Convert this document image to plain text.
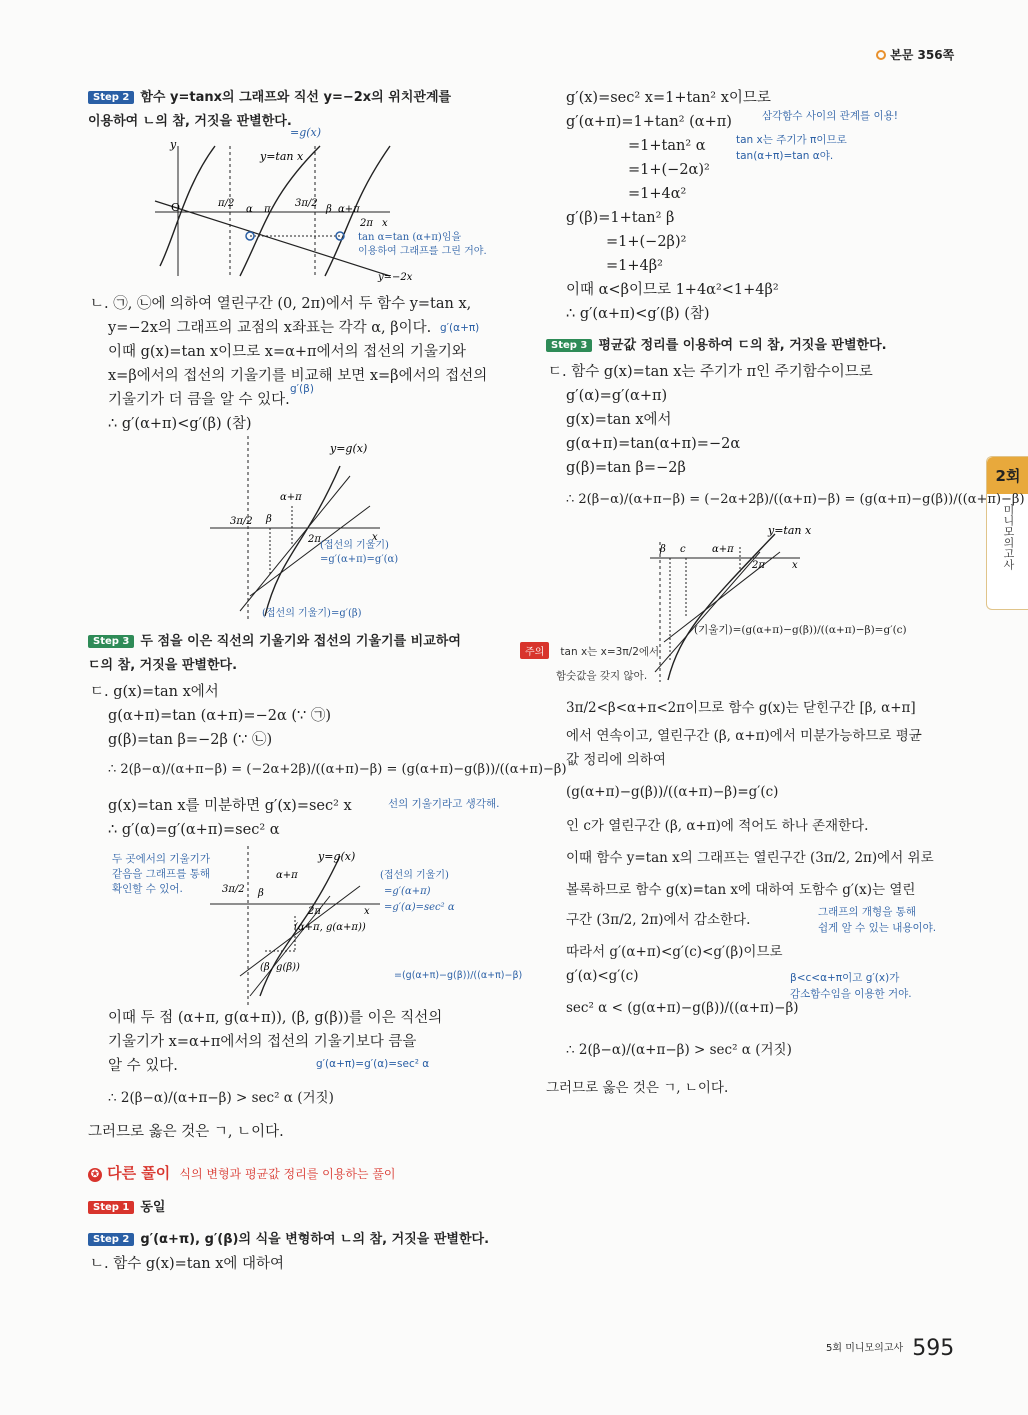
본문 356쪽
2회
미니모의고사
Step 2 함수 y=tanx의 그래프와 직선 y=−2x의 위치관계를
이용하여 ㄴ의 참, 거짓을 판별한다.
O
y
π/2
α π
3π/2
β α+π
2π x
y=tan x
=g(x)
tan α=tan (α+π)임을
이용하여 그래프를 그린 거야.
y=−2x
ㄴ. ㉠, ㉡에 의하여 열린구간 (0, 2π)에서 두 함수 y=tan x,
y=−2x의 그래프의 교점의 x좌표는 각각 α, β이다. g′(α+π)
이때 g(x)=tan x이므로 x=α+π에서의 접선의 기울기와
x=β에서의 접선의 기울기를 비교해 보면 x=β에서의 접선의
기울기가 더 큼을 알 수 있다.
g′(β)
∴ g′(α+π)<g′(β) (참)
y=g(x)
α+π
3π/2 β
2π	x
(접선의 기울기)
=g′(α+π)=g′(α)
(접선의 기울기)=g′(β)
Step 3 두 점을 이은 직선의 기울기와 접선의 기울기를 비교하여
ㄷ의 참, 거짓을 판별한다.
ㄷ. g(x)=tan x에서
g(α+π)=tan (α+π)=−2α (∵ ㉠)
g(β)=tan β=−2β (∵ ㉡)
∴ 2(β−α)/(α+π−β) = (−2α+2β)/((α+π)−β) = (g(α+π)−g(β))/((α+π)−β)
g(x)=tan x를 미분하면 g′(x)=sec² x	선의 기울기라고 생각해.
∴ g′(α)=g′(α+π)=sec² α
두 곳에서의 기울기가
같음을 그래프를 통해
확인할 수 있어.
y=g(x)
α+π
3π/2 β
2π	x
(α+π, g(α+π))
(β, g(β))
(접선의 기울기)
=g′(α+π)
=g′(α)=sec² α
=(g(α+π)−g(β))/((α+π)−β)
이때 두 점 (α+π, g(α+π)), (β, g(β))를 이은 직선의
기울기가 x=α+π에서의 접선의 기울기보다 큼을
알 수 있다.	g′(α+π)=g′(α)=sec² α
∴ 2(β−α)/(α+π−β) > sec² α (거짓)
그러므로 옳은 것은 ㄱ, ㄴ이다.
✪ 다른 풀이 식의 변형과 평균값 정리를 이용하는 풀이
Step 1 동일
Step 2 g′(α+π), g′(β)의 식을 변형하여 ㄴ의 참, 거짓을 판별한다.
ㄴ. 함수 g(x)=tan x에 대하여
g′(x)=sec² x=1+tan² x이므로
g′(α+π)=1+tan² (α+π)	삼각함수 사이의 관계를 이용!
=1+tan² α	tan x는 주기가 π이므로
tan(α+π)=tan α야.
=1+(−2α)²
=1+4α²
g′(β)=1+tan² β
=1+(−2β)²
=1+4β²
이때 α<β이므로 1+4α²<1+4β²
∴ g′(α+π)<g′(β) (참)
Step 3 평균값 정리를 이용하여 ㄷ의 참, 거짓을 판별한다.
ㄷ. 함수 g(x)=tan x는 주기가 π인 주기함수이므로
g′(α)=g′(α+π)
g(x)=tan x에서
g(α+π)=tan(α+π)=−2α
g(β)=tan β=−2β
∴ 2(β−α)/(α+π−β) = (−2α+2β)/((α+π)−β) = (g(α+π)−g(β))/((α+π)−β)
y=tan x
β c	α+π
2π	x
(기울기)=(g(α+π)−g(β))/((α+π)−β)=g′(c)
주의 tan x는 x=3π/2에서
함숫값을 갖지 않아.
3π/2<β<α+π<2π이므로 함수 g(x)는 닫힌구간 [β, α+π]
에서 연속이고, 열린구간 (β, α+π)에서 미분가능하므로 평균
값 정리에 의하여
(g(α+π)−g(β))/((α+π)−β)=g′(c)
인 c가 열린구간 (β, α+π)에 적어도 하나 존재한다.
이때 함수 y=tan x의 그래프는 열린구간 (3π/2, 2π)에서 위로
볼록하므로 함수 g(x)=tan x에 대하여 도함수 g′(x)는 열린
구간 (3π/2, 2π)에서 감소한다.	그래프의 개형을 통해
쉽게 알 수 있는 내용이야.
따라서 g′(α+π)<g′(c)<g′(β)이므로
g′(α)<g′(c)	β<c<α+π이고 g′(x)가
감소함수임을 이용한 거야.
sec² α < (g(α+π)−g(β))/((α+π)−β)
∴ 2(β−α)/(α+π−β) > sec² α (거짓)
그러므로 옳은 것은 ㄱ, ㄴ이다.
$^{5회 미니모의고사}$ 595
